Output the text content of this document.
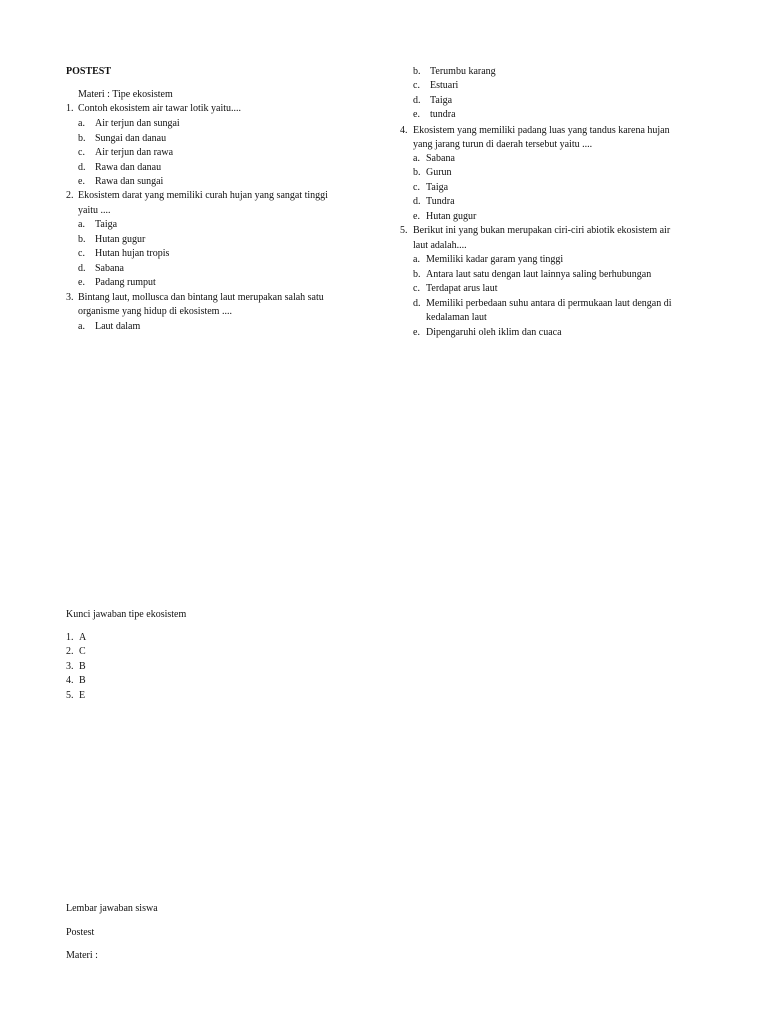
POSTEST
Materi : Tipe ekosistem
1. Contoh ekosistem air tawar lotik yaitu....
a. Air terjun dan sungai
b. Sungai dan danau
c. Air terjun dan rawa
d. Rawa dan danau
e. Rawa dan sungai
2. Ekosistem darat yang memiliki curah hujan yang sangat tinggi
yaitu ....
a. Taiga
b. Hutan gugur
c. Hutan hujan tropis
d. Sabana
e. Padang rumput
3. Bintang laut, mollusca dan bintang laut merupakan salah satu
organisme yang hidup di ekosistem ....
a. Laut dalam
b. Terumbu karang
c. Estuari
d. Taiga
e. tundra
4. Ekosistem yang memiliki padang luas yang tandus karena hujan
yang jarang turun di daerah tersebut yaitu ....
a. Sabana
b. Gurun
c. Taiga
d. Tundra
e. Hutan gugur
5. Berikut ini yang bukan merupakan ciri-ciri abiotik ekosistem air
laut adalah....
a. Memiliki kadar garam yang tinggi
b. Antara laut satu dengan laut lainnya saling berhubungan
c. Terdapat arus laut
d. Memiliki perbedaan suhu antara di permukaan laut dengan di
kedalaman laut
e. Dipengaruhi oleh iklim dan cuaca
Kunci jawaban tipe ekosistem
1. A
2. C
3. B
4. B
5. E
Lembar jawaban siswa
Postest
Materi :
